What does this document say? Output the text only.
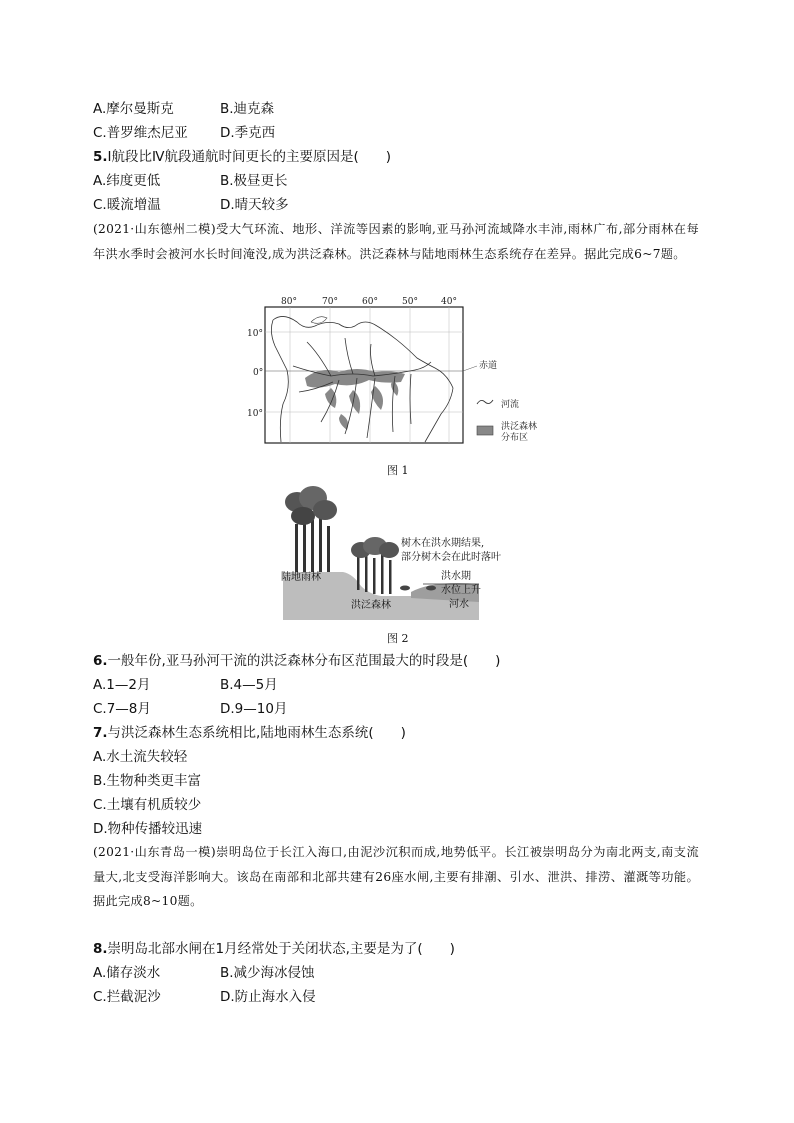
A.摩尔曼斯克	B.迪克森
C.普罗维杰尼亚 D.季克西
5.Ⅰ航段比Ⅳ航段通航时间更长的主要原因是(　　)
A.纬度更低	B.极昼更长
C.暖流增温	D.晴天较多
(2021·山东德州二模)受大气环流、地形、洋流等因素的影响,亚马孙河流域降水丰沛,雨林广布,部分雨林在每年洪水季时会被河水长时间淹没,成为洪泛森林。洪泛森林与陆地雨林生态系统存在差异。据此完成6~7题。
80°	70°	60°	50°	40°
10°
0°
10°
赤道
河流
洪泛森林
分布区
图 1
陆地雨林
洪泛森林
树木在洪水期结果,
部分树木会在此时落叶
洪水期
水位上升
河水
图 2
6.一般年份,亚马孙河干流的洪泛森林分布区范围最大的时段是(　　)
A.1—2月	B.4—5月
C.7—8月	D.9—10月
7.与洪泛森林生态系统相比,陆地雨林生态系统(　　)
A.水土流失较轻
B.生物种类更丰富
C.土壤有机质较少
D.物种传播较迅速
(2021·山东青岛一模)崇明岛位于长江入海口,由泥沙沉积而成,地势低平。长江被崇明岛分为南北两支,南支流量大,北支受海洋影响大。该岛在南部和北部共建有26座水闸,主要有排潮、引水、泄洪、排涝、灌溉等功能。据此完成8~10题。
8.崇明岛北部水闸在1月经常处于关闭状态,主要是为了(　　)
A.储存淡水	B.减少海冰侵蚀
C.拦截泥沙	D.防止海水入侵
